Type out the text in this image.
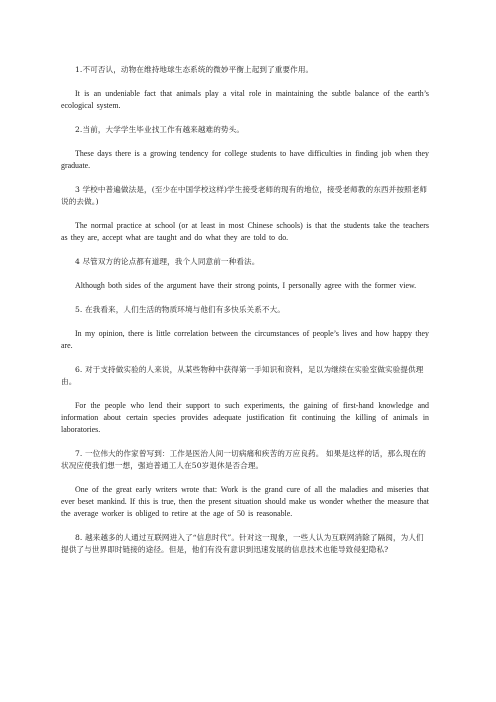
1.不可否认，动物在维持地球生态系统的微妙平衡上起到了重要作用。

It is an undeniable fact that animals play a vital role in maintaining the subtle balance of the earth’s ecological system.

2.当前，大学学生毕业找工作有越来越难的势头。

These days there is a growing tendency for college students to have difficulties in finding job when they graduate.

3 学校中普遍做法是，(至少在中国学校这样)学生接受老师的现有的地位，接受老师教的东西并按照老师说的去做。)

The normal practice at school (or at least in most Chinese schools) is that the students take the teachers as they are, accept what are taught and do what they are told to do.

4 尽管双方的论点都有道理，我个人同意前一种看法。

Although both sides of the argument have their strong points, I personally agree with the former view.

5. 在我看来，人们生活的物质环境与他们有多快乐关系不大。

In my opinion, there is little correlation between the circumstances of people’s lives and how happy they are.

6. 对于支持做实验的人来说，从某些物种中获得第一手知识和资料，足以为继续在实验室做实验提供理由。

For the people who lend their support to such experiments, the gaining of first-hand knowledge and information about certain species provides adequate justification fit continuing the killing of animals in laboratories.

7. 一位伟大的作家曾写到：工作是医治人间一切病痛和疾苦的万应良药。 如果是这样的话，那么现在的状况应使我们想一想，强迫普通工人在50岁退休是否合理。

One of the great early writers wrote that: Work is the grand cure of all the maladies and miseries that ever beset mankind. If this is true, then the present situation should make us wonder whether the measure that the average worker is obliged to retire at the age of 50 is reasonable.

8. 越来越多的人通过互联网进入了“信息时代”。针对这一现象，一些人认为互联网消除了隔阂，为人们提供了与世界即时链接的途径。但是，他们有没有意识到迅速发展的信息技术也能导致侵犯隐私?
